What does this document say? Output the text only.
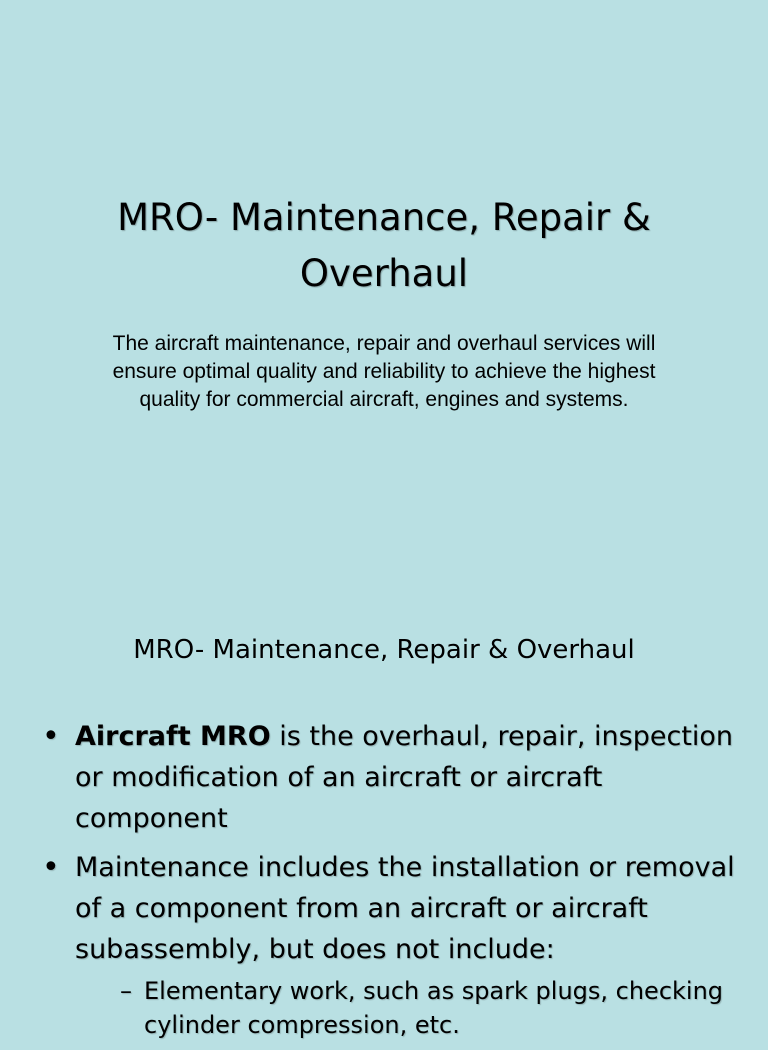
MRO- Maintenance, Repair & Overhaul

The aircraft maintenance, repair and overhaul services will ensure optimal quality and reliability to achieve the highest quality for commercial aircraft, engines and systems.

MRO- Maintenance, Repair & Overhaul
• Aircraft MRO is the overhaul, repair, inspection or modification of an aircraft or aircraft component
• Maintenance includes the installation or removal of a component from an aircraft or aircraft subassembly, but does not include:
– Elementary work, such as spark plugs, checking cylinder compression, etc.
